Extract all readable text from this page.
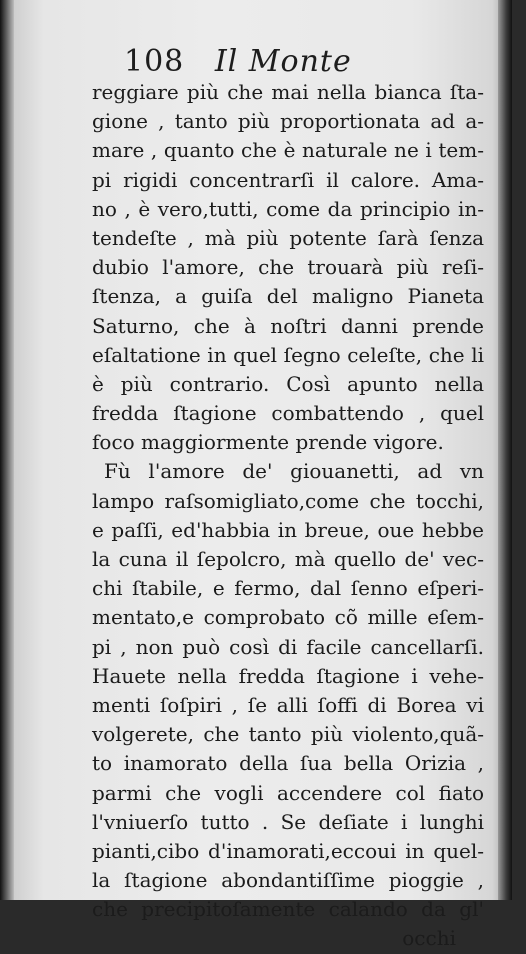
108 Il Monte
reggiare più che mai nella bianca ſta-
gione , tanto più proportionata ad a-
mare , quanto che è naturale ne i tem-
pi rigidi concentrarſi il calore. Ama-
no , è vero,tutti, come da principio in-
tendeſte , mà più potente ſarà ſenza
dubio l'amore, che trouarà più reſi-
ſtenza, a guiſa del maligno Pianeta
Saturno, che à noſtri danni prende
eſaltatione in quel ſegno celeſte, che li
è più contrario. Così apunto nella
fredda ſtagione combattendo , quel
foco maggiormente prende vigore.
Fù l'amore de' giouanetti, ad vn
lampo raſsomigliato,come che tocchi,
e paſſi, ed'habbia in breue, oue hebbe
la cuna il ſepolcro, mà quello de' vec-
chi ſtabile, e fermo, dal ſenno eſperi-
mentato,e comprobato cõ mille eſem-
pi , non può così di facile cancellarſi.
Hauete nella fredda ſtagione i vehe-
menti ſoſpiri , ſe alli ſoffi di Borea vi
volgerete, che tanto più violento,quã-
to inamorato della ſua bella Orizia ,
parmi che vogli accendere col fiato
l'vniuerſo tutto . Se deſiate i lunghi
pianti,cibo d'inamorati,eccoui in quel-
la ſtagione abondantiſſime pioggie ,
che precipitoſamente calando da gl'
occhi
